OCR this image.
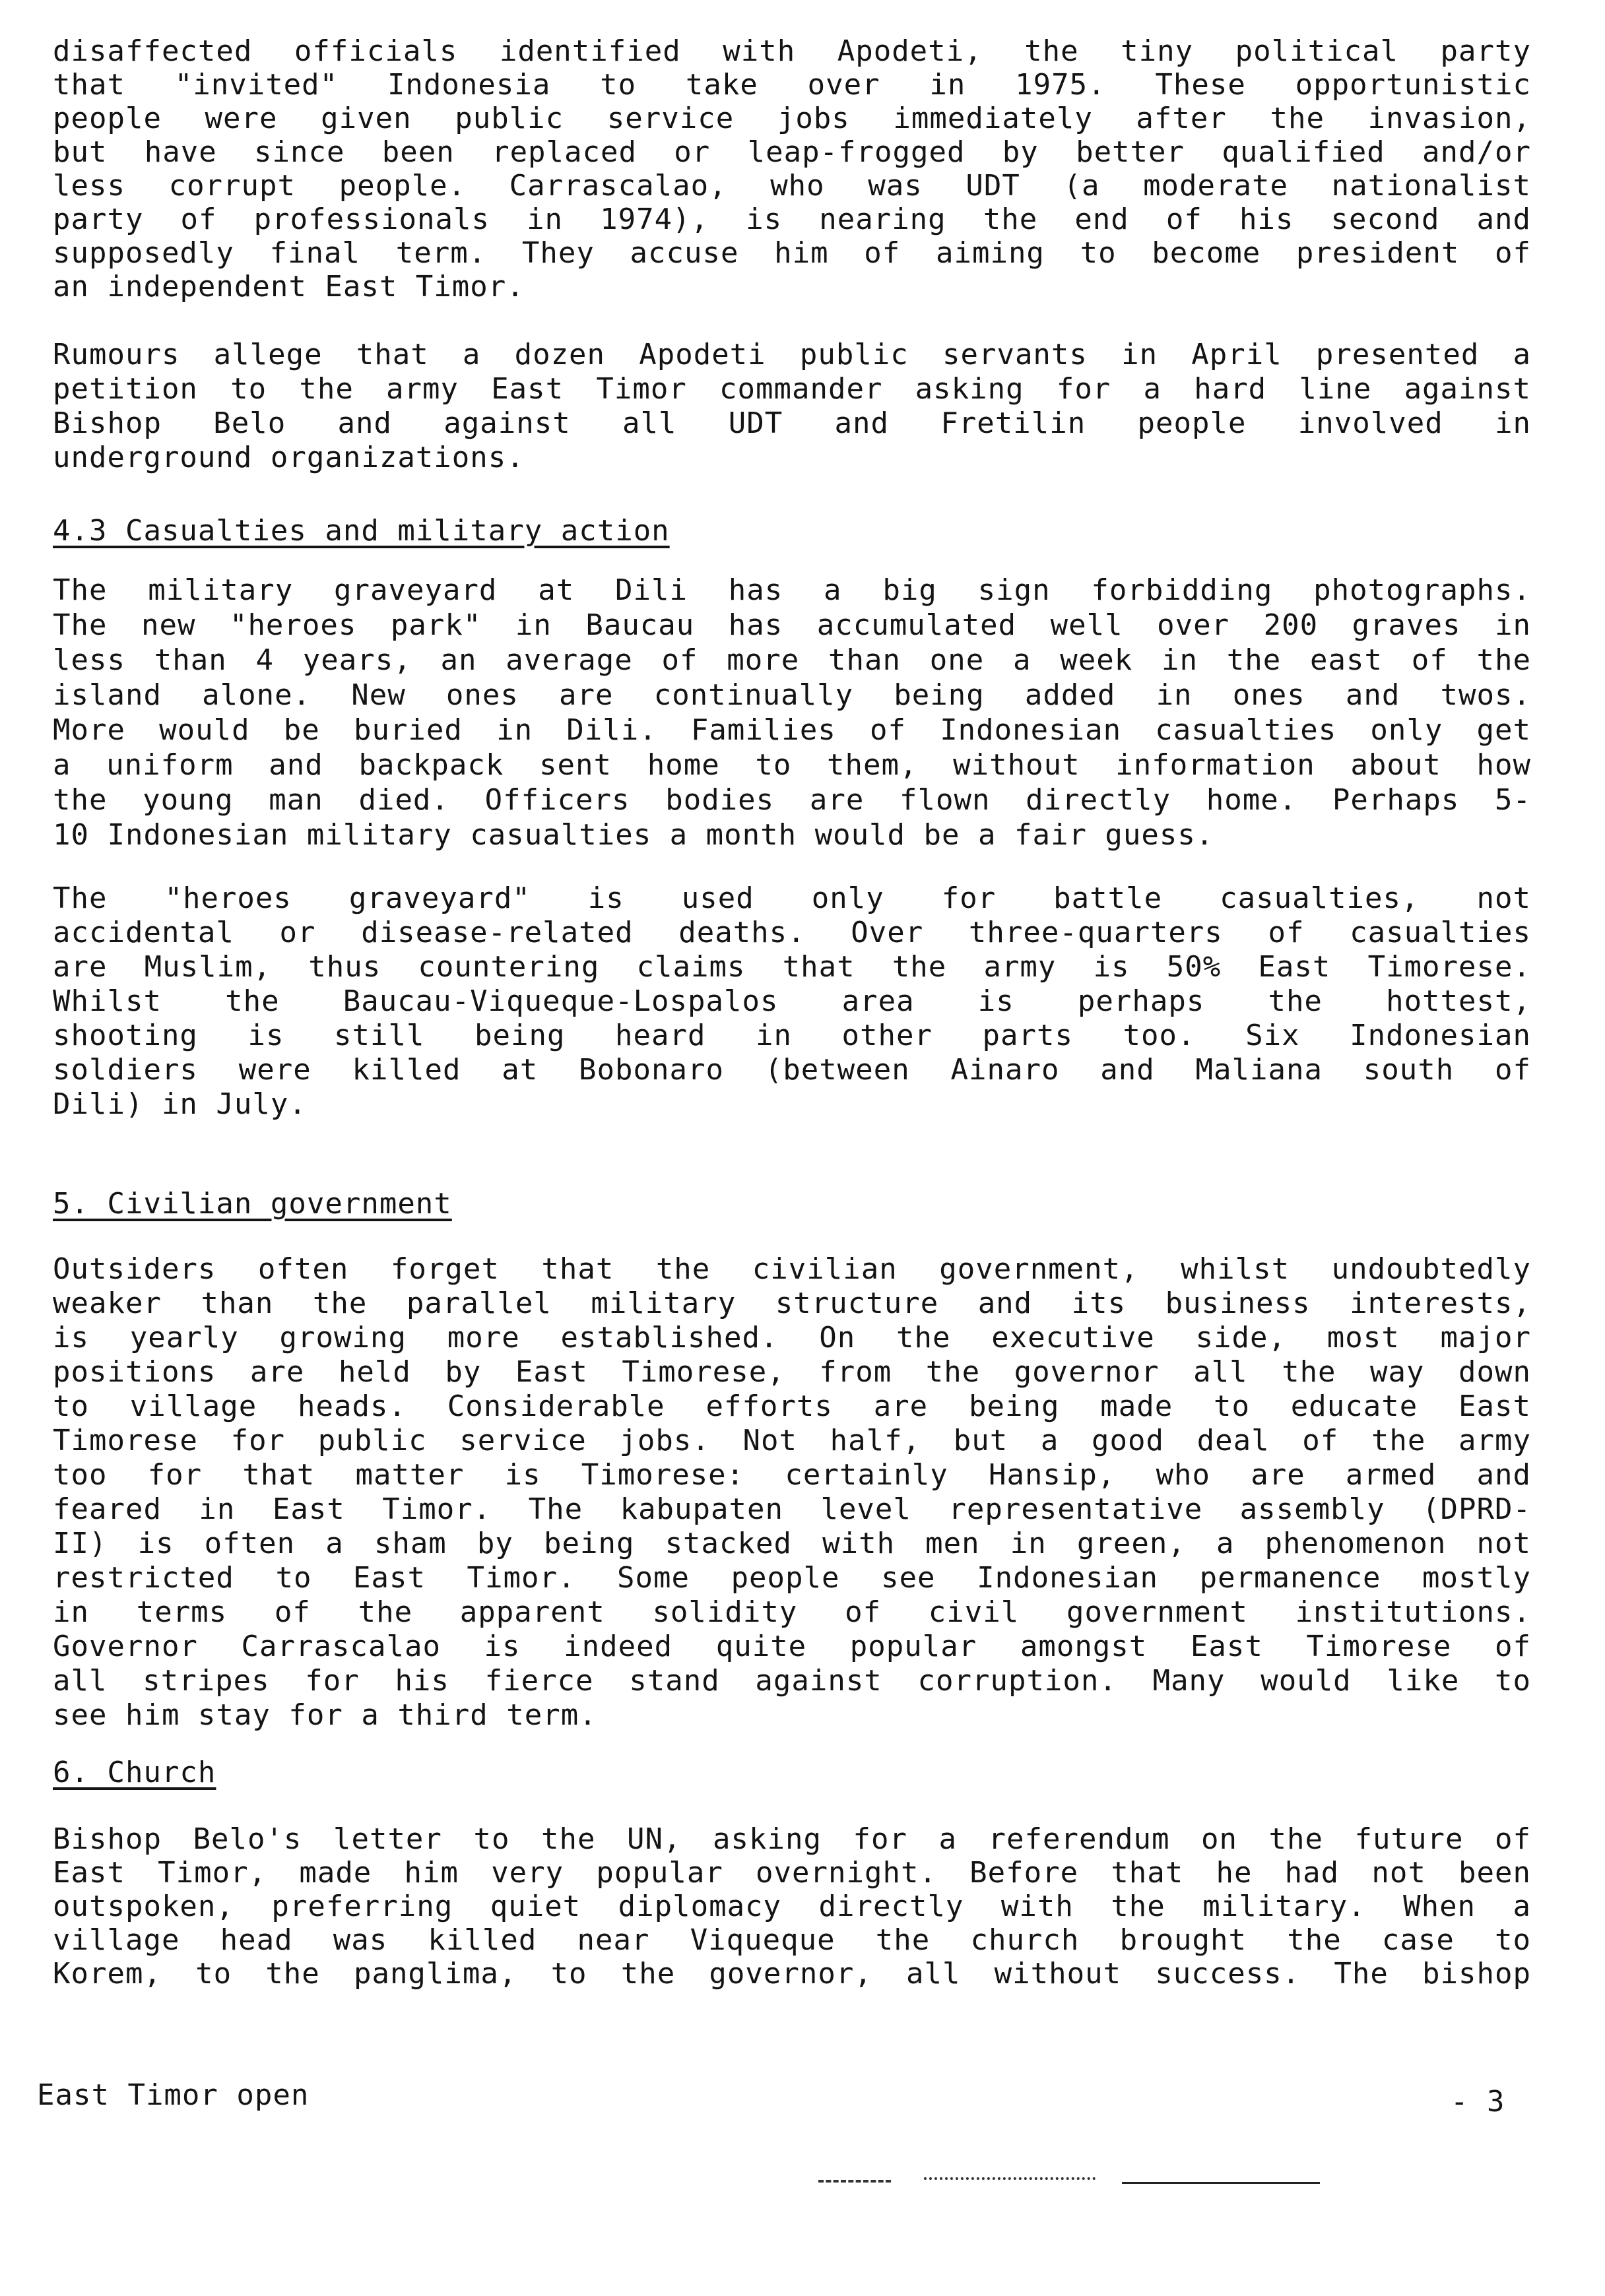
disaffected officials identified with Apodeti, the tiny political party
that "invited" Indonesia to take over in 1975. These opportunistic
people were given public service jobs immediately after the invasion,
but have since been replaced or leap-frogged by better qualified and/or
less corrupt people. Carrascalao, who was UDT (a moderate nationalist
party of professionals in 1974), is nearing the end of his second and
supposedly final term. They accuse him of aiming to become president of
an independent East Timor.
Rumours allege that a dozen Apodeti public servants in April presented a
petition to the army East Timor commander asking for a hard line against
Bishop Belo and against all UDT and Fretilin people involved in
underground organizations.
4.3 Casualties and military action
The military graveyard at Dili has a big sign forbidding photographs.
The new "heroes park" in Baucau has accumulated well over 200 graves in
less than 4 years, an average of more than one a week in the east of the
island alone. New ones are continually being added in ones and twos.
More would be buried in Dili. Families of Indonesian casualties only get
a uniform and backpack sent home to them, without information about how
the young man died. Officers bodies are flown directly home. Perhaps 5-
10 Indonesian military casualties a month would be a fair guess.
The "heroes graveyard" is used only for battle casualties, not
accidental or disease-related deaths. Over three-quarters of casualties
are Muslim, thus countering claims that the army is 50% East Timorese.
Whilst the Baucau-Viqueque-Lospalos area is perhaps the hottest,
shooting is still being heard in other parts too. Six Indonesian
soldiers were killed at Bobonaro (between Ainaro and Maliana south of
Dili) in July.
5. Civilian government
Outsiders often forget that the civilian government, whilst undoubtedly
weaker than the parallel military structure and its business interests,
is yearly growing more established. On the executive side, most major
positions are held by East Timorese, from the governor all the way down
to village heads. Considerable efforts are being made to educate East
Timorese for public service jobs. Not half, but a good deal of the army
too for that matter is Timorese: certainly Hansip, who are armed and
feared in East Timor. The kabupaten level representative assembly (DPRD-
II) is often a sham by being stacked with men in green, a phenomenon not
restricted to East Timor. Some people see Indonesian permanence mostly
in terms of the apparent solidity of civil government institutions.
Governor Carrascalao is indeed quite popular amongst East Timorese of
all stripes for his fierce stand against corruption. Many would like to
see him stay for a third term.
6. Church
Bishop Belo's letter to the UN, asking for a referendum on the future of
East Timor, made him very popular overnight. Before that he had not been
outspoken, preferring quiet diplomacy directly with the military. When a
village head was killed near Viqueque the church brought the case to
Korem, to the panglima, to the governor, all without success. The bishop
East Timor open	- 3
